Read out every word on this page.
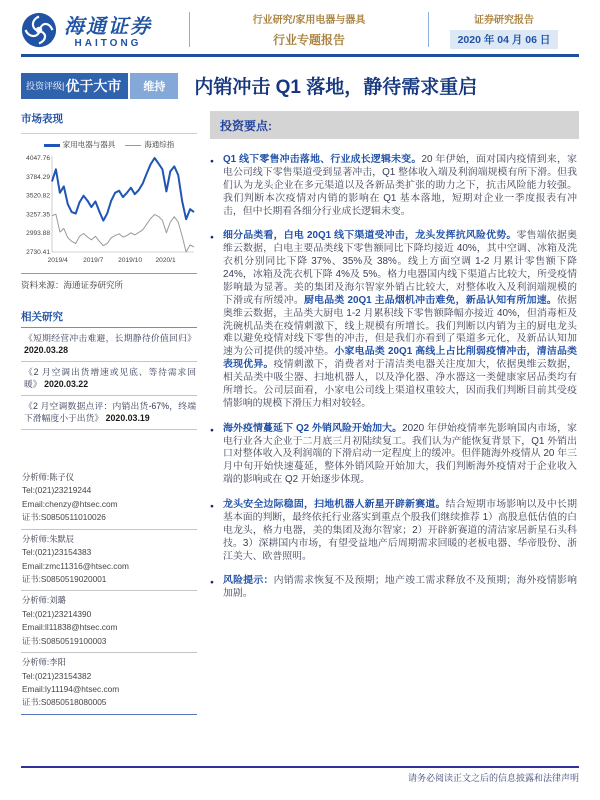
海通证券
HAITONG
行业研究/家用电器与器具
行业专题报告
证券研究报告
2020 年 04 月 06 日
投资评级| 优于大市	维持	内销冲击 Q1 落地，静待需求重启
市场表现
家用电器与器具	海通综指
4047.76
3784.29
3520.82
3257.35
2993.88
2730.41
2019/4 2019/7 2019/10 2020/1
资料来源：海通证券研究所
相关研究
《短期经营冲击难避，长期静待价值回归》 2020.03.28
《2 月空调出货增速或见底、等待需求回暖》 2020.03.22
《2 月空调数据点评：内销出货-67%，终端下滑幅度小于出货》 2020.03.19
分析师:陈子仪
Tel:(021)23219244
Email:chenzy@htsec.com
证书:S0850511010026
分析师:朱默辰
Tel:(021)23154383
Email:zmc11316@htsec.com
证书:S0850519020001
分析师:刘璐
Tel:(021)23214390
Email:ll11838@htsec.com
证书:S0850519100003
分析师:李阳
Tel:(021)23154382
Email:ly11194@htsec.com
证书:S0850518080005
投资要点:
● Q1 线下零售冲击落地、行业成长逻辑未变。20 年伊始，面对国内疫情到来，家电公司线下零售渠道受到显著冲击，Q1 整体收入端及利润端规模有所下滑。但我们认为龙头企业在多元渠道以及各新品类扩张的助力之下，抗击风险能力较强。我们判断本次疫情对内销的影响在 Q1 基本落地，短期对企业一季度报表有冲击，但中长期看各细分行业成长逻辑未变。
● 细分品类看，白电 20Q1 线下渠道受冲击，龙头发挥抗风险优势。零售端依据奥维云数据，白电主要品类线下零售额同比下降均接近 40%，其中空调、冰箱及洗衣机分别同比下降 37%、35%及 38%。线上方面空调 1-2 月累计零售额下降 24%，冰箱及洗衣机下降 4%及 5%。格力电器国内线下渠道占比较大，所受疫情影响最为显著。美的集团及海尔智家外销占比较大，对整体收入及利润端规模的下滑或有所缓冲。厨电品类 20Q1 主品烟机冲击难免，新品认知有所加速。依据奥维云数据，主品类大厨电 1-2 月累积线下零售额降幅亦接近 40%，但消毒柜及洗碗机品类在疫情刺激下，线上规模有所增长。我们判断以内销为主的厨电龙头难以避免疫情对线下零售的冲击，但是我们亦看到了渠道多元化，及新品认知加速为公司提供的缓冲垫。小家电品类 20Q1 高线上占比削弱疫情冲击，清洁品类表现优异。疫情刺激下，消费者对于清洁类电器关注度加大，依据奥维云数据，相关品类中吸尘器、扫地机器人，以及净化器、净水器这一类健康家居品类均有所增长。公司层面看，小家电公司线上渠道权重较大，因而我们判断目前其受疫情影响的规模下滑压力相对较轻。
● 海外疫情蔓延下 Q2 外销风险开始加大。2020 年伊始疫情率先影响国内市场，家电行业各大企业于二月底三月初陆续复工。我们认为产能恢复背景下，Q1 外销出口对整体收入及利润端的下滑启动一定程度上的缓冲。但伴随海外疫情从 20 年三月中旬开始快速蔓延，整体外销风险开始加大，我们判断海外疫情对于企业收入端的影响或在 Q2 开始逐步体现。
● 龙头安全边际稳固，扫地机器人新星开辟新赛道。结合短期市场影响以及中长期基本面的判断，最终依托行业落实到重点个股我们继续推荐 1）高股息低估值的白电龙头，格力电器，美的集团及海尔智家；2）开辟新赛道的清洁家居新星石头科技。3）深耕国内市场，有望受益地产后周期需求回暖的老板电器、华帝股份、浙江美大、欧普照明。
● 风险提示：内销需求恢复不及预期；地产竣工需求释放不及预期；海外疫情影响加剧。
请务必阅读正文之后的信息披露和法律声明
